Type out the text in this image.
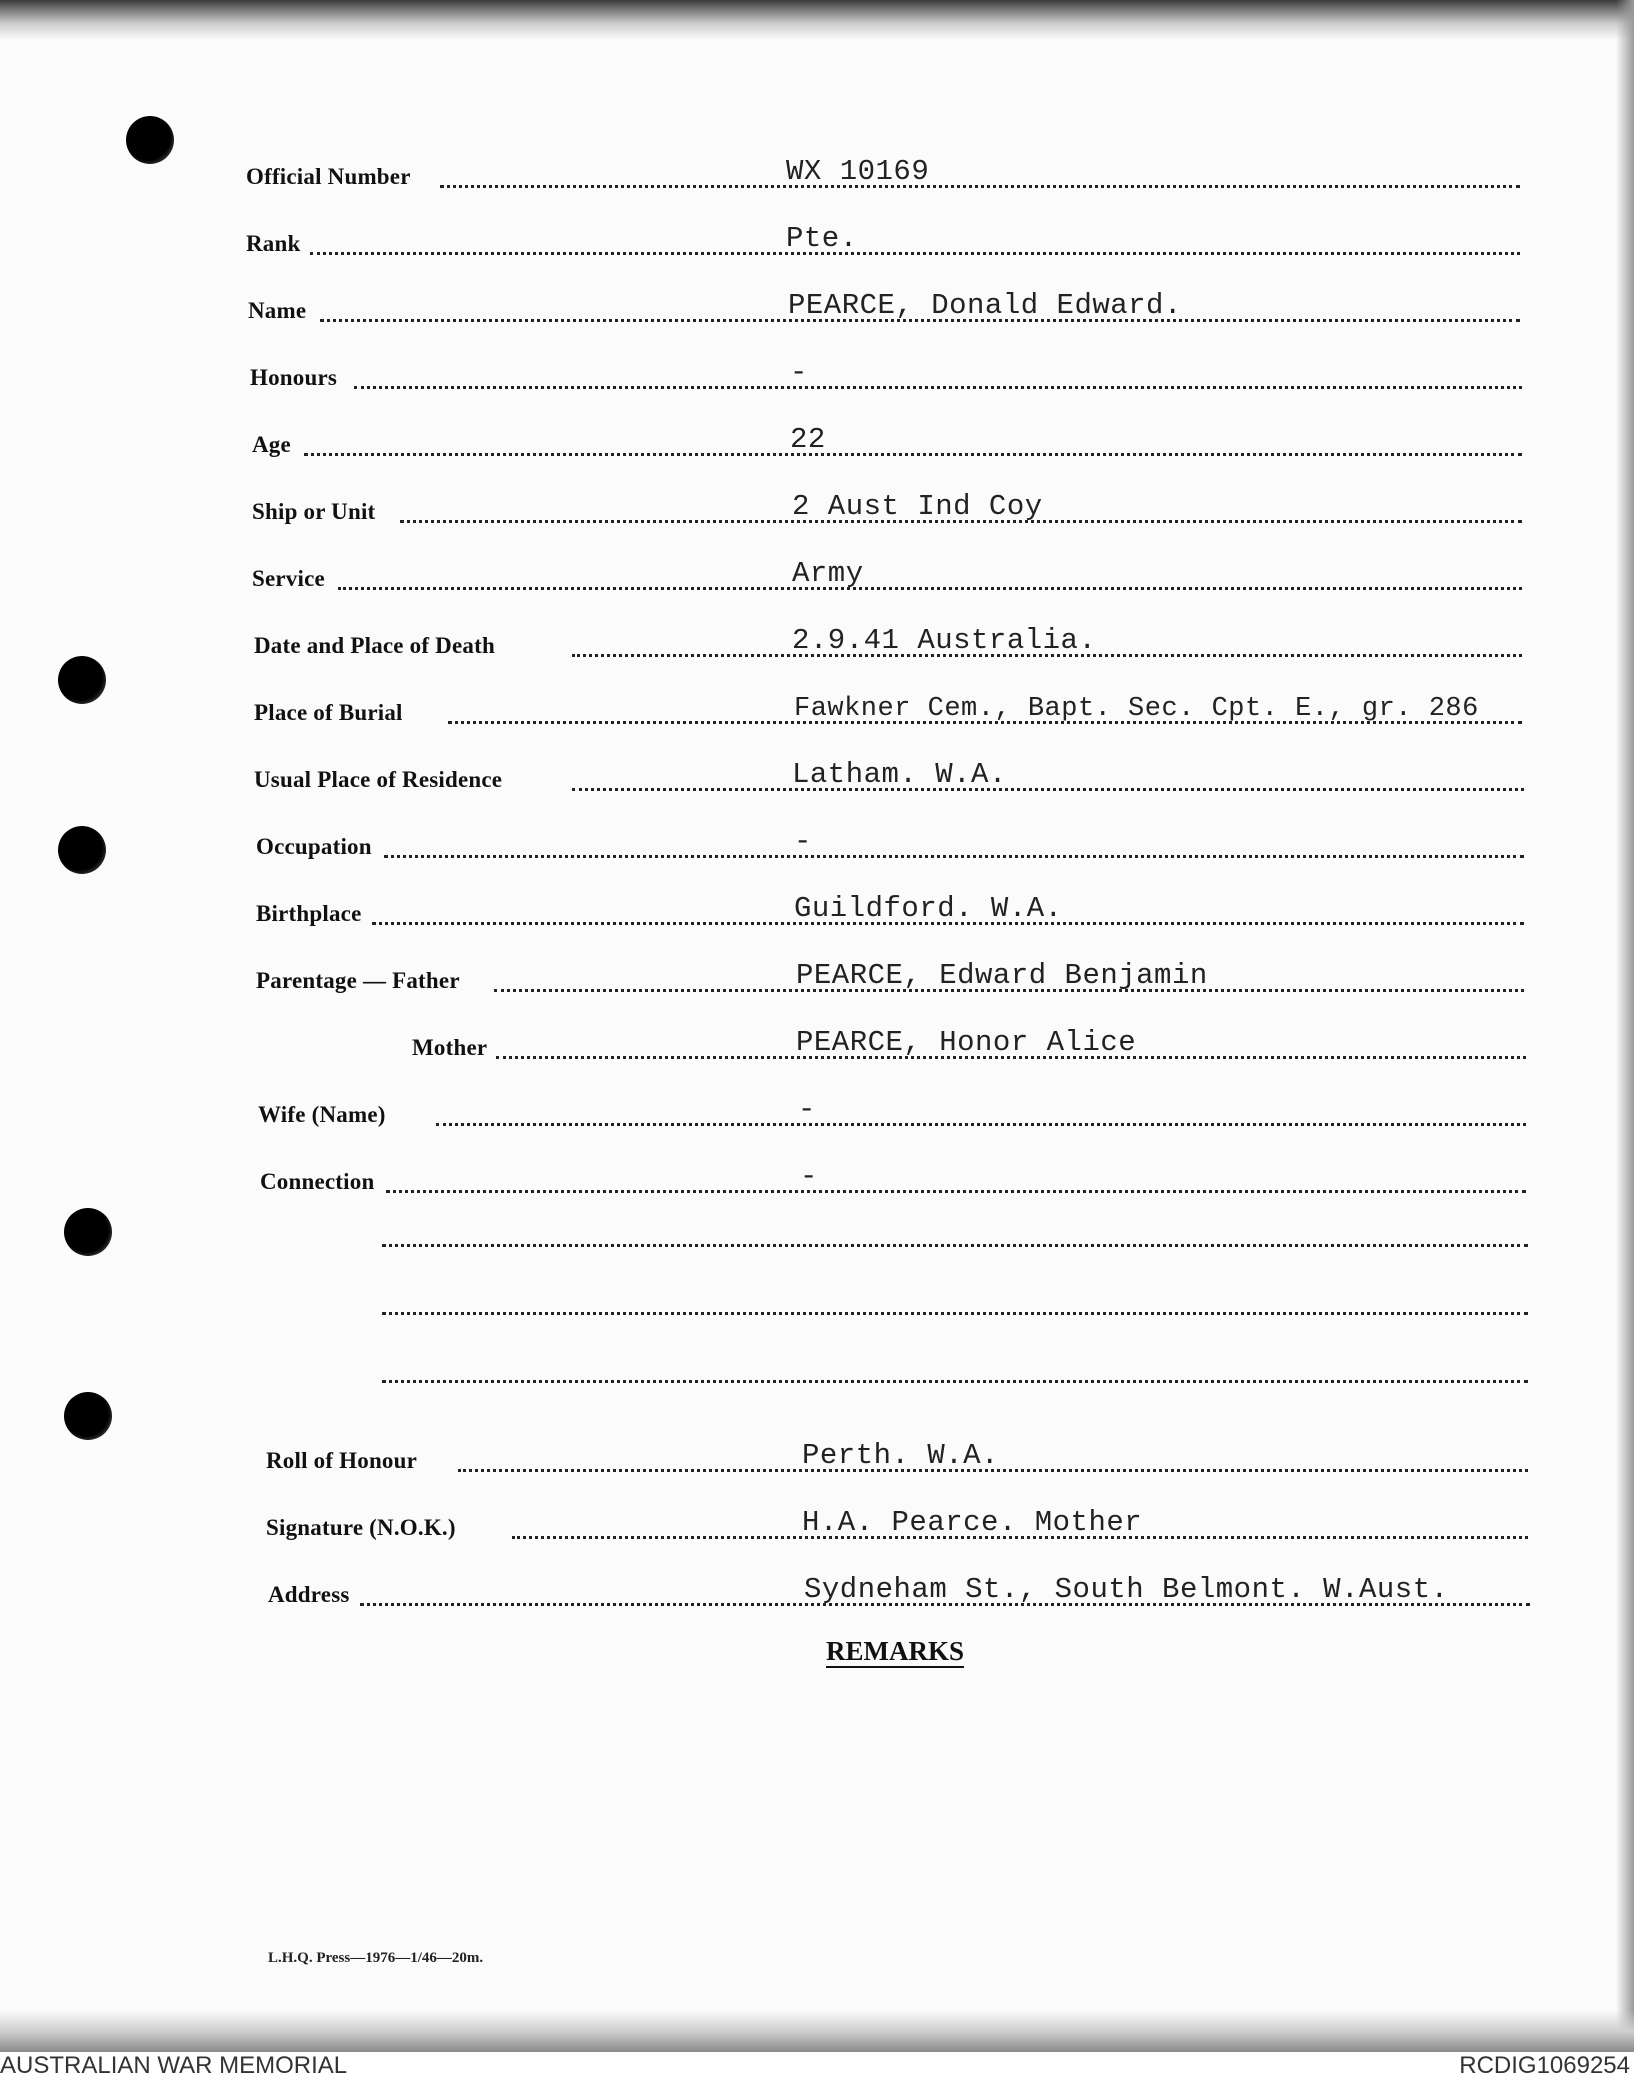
Official Number	WX 10169
Rank	Pte.
Name	PEARCE, Donald Edward.
Honours	-
Age	22
Ship or Unit	2 Aust Ind Coy
Service	Army
Date and Place of Death	2.9.41 Australia.
Place of Burial	Fawkner Cem., Bapt. Sec. Cpt. E., gr. 286
Usual Place of Residence	Latham. W.A.
Occupation	-
Birthplace	Guildford. W.A.
Parentage — Father	PEARCE, Edward Benjamin
Mother	PEARCE, Honor Alice
Wife (Name)	-
Connection	-
Roll of Honour	Perth. W.A.
Signature (N.O.K.)	H.A. Pearce. Mother
Address	Sydneham St., South Belmont. W.Aust.
REMARKS
L.H.Q. Press—1976—1/46—20m.
AUSTRALIAN WAR MEMORIAL	RCDIG1069254
